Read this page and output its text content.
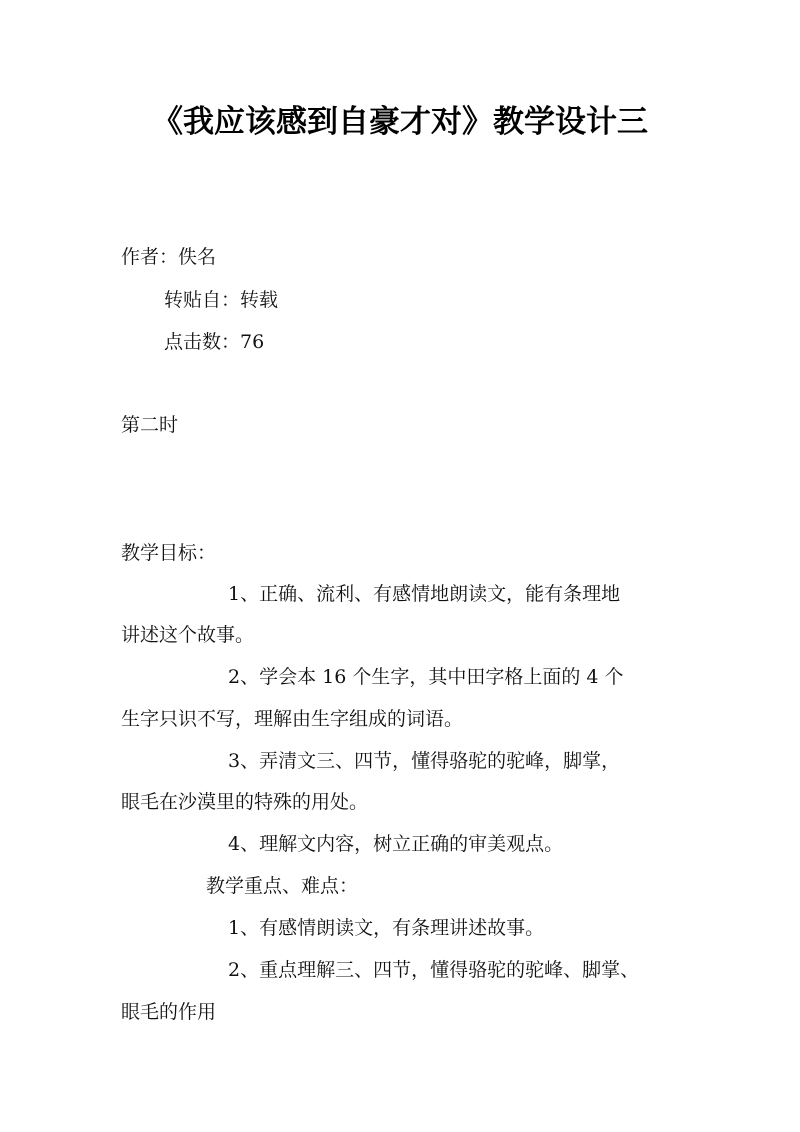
《我应该感到自豪才对》教学设计三
作者：佚名
转贴自：转载
点击数：76
第二时
教学目标：
1、正确、流利、有感情地朗读文，能有条理地
讲述这个故事。
2、学会本 16 个生字，其中田字格上面的 4 个
生字只识不写，理解由生字组成的词语。
3、弄清文三、四节，懂得骆驼的驼峰，脚掌，
眼毛在沙漠里的特殊的用处。
4、理解文内容，树立正确的审美观点。
教学重点、难点：
1、有感情朗读文，有条理讲述故事。
2、重点理解三、四节，懂得骆驼的驼峰、脚掌、
眼毛的作用
